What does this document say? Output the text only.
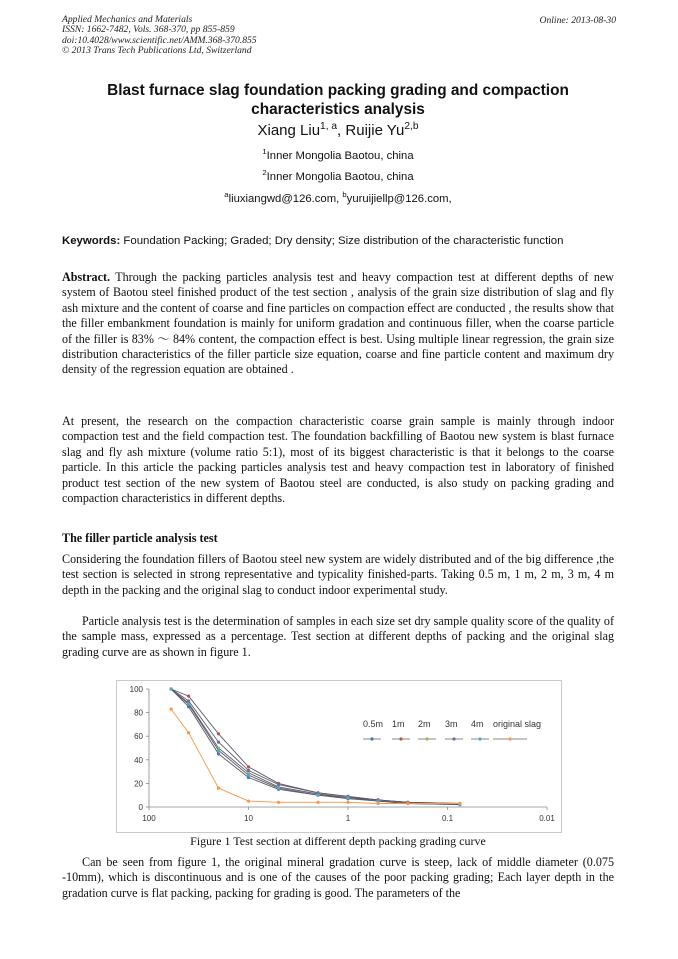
Applied Mechanics and Materials
ISSN: 1662-7482, Vols. 368-370, pp 855-859
doi:10.4028/www.scientific.net/AMM.368-370.855
© 2013 Trans Tech Publications Ltd, Switzerland
Online: 2013-08-30
Blast furnace slag foundation packing grading and compaction characteristics analysis
Xiang Liu$^{1, a}$, Ruijie Yu$^{2,b}$
$^1$Inner Mongolia Baotou, china
$^2$Inner Mongolia Baotou, china
$^a$liuxiangwd@126.com, $^b$yuruijiellp@126.com,
Keywords: Foundation Packing; Graded; Dry density; Size distribution of the characteristic function
Abstract. Through the packing particles analysis test and heavy compaction test at different depths of new system of Baotou steel finished product of the test section , analysis of the grain size distribution of slag and fly ash mixture and the content of coarse and fine particles on compaction effect are conducted , the results show that the filler embankment foundation is mainly for uniform gradation and continuous filler, when the coarse particle of the filler is 83% ～ 84% content, the compaction effect is best. Using multiple linear regression, the grain size distribution characteristics of the filler particle size equation, coarse and fine particle content and maximum dry density of the regression equation are obtained .
At present, the research on the compaction characteristic coarse grain sample is mainly through indoor compaction test and the field compaction test. The foundation backfilling of Baotou new system is blast furnace slag and fly ash mixture (volume ratio 5:1), most of its biggest characteristic is that it belongs to the coarse particle. In this article the packing particles analysis test and heavy compaction test in laboratory of finished product test section of the new system of Baotou steel are conducted, is also study on packing grading and compaction characteristics in different depths.
The filler particle analysis test
Considering the foundation fillers of Baotou steel new system are widely distributed and of the big difference ,the test section is selected in strong representative and typicality finished-parts. Taking 0.5 m, 1 m, 2 m, 3 m, 4 m depth in the packing and the original slag to conduct indoor experimental study.
Particle analysis test is the determination of samples in each size set dry sample quality score of the quality of the sample mass, expressed as a percentage. Test section at different depths of packing and the original slag grading curve are as shown in figure 1.
0
20
40
60
80
100
100	10	1	0.1	0.01
0.5m 1m 2m 3m 4m original slag
Figure 1 Test section at different depth packing grading curve
Can be seen from figure 1, the original mineral gradation curve is steep, lack of middle diameter (0.075 -10mm), which is discontinuous and is one of the causes of the poor packing grading; Each layer depth in the gradation curve is flat packing, packing for grading is good. The parameters of the
